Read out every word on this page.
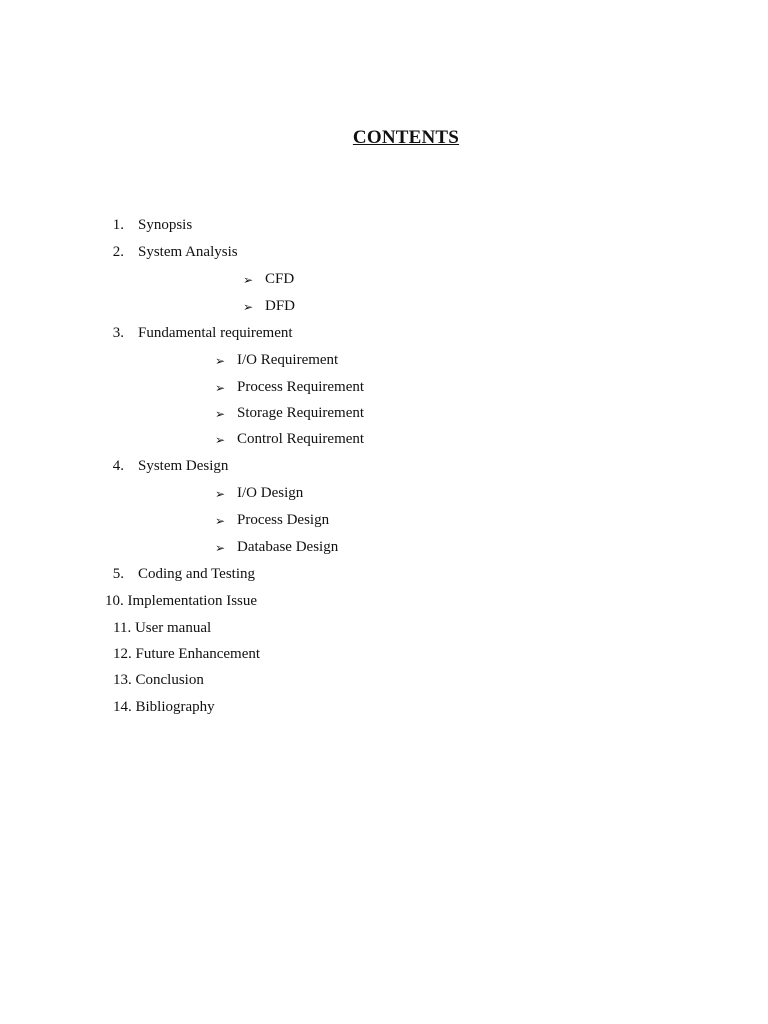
CONTENTS
1. Synopsis
2. System Analysis
➢ CFD
➢ DFD
3. Fundamental requirement
➢ I/O Requirement
➢ Process Requirement
➢ Storage Requirement
➢ Control Requirement
4. System Design
➢ I/O Design
➢ Process Design
➢ Database Design
5. Coding and Testing
10. Implementation Issue
11. User manual
12. Future Enhancement
13. Conclusion
14. Bibliography
